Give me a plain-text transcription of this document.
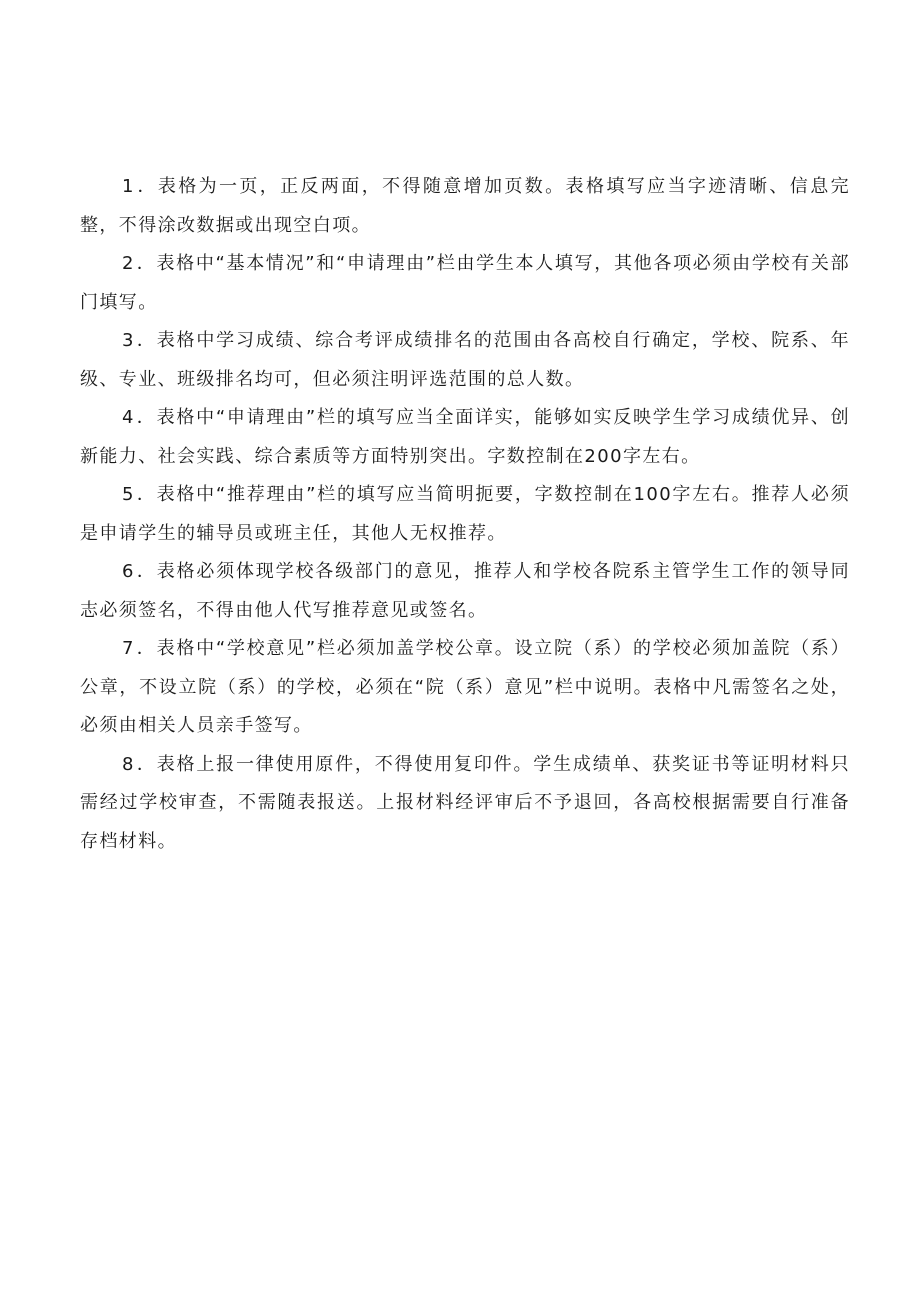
1．表格为一页，正反两面，不得随意增加页数。表格填写应当字迹清晰、信息完整，不得涂改数据或出现空白项。
2．表格中“基本情况”和“申请理由”栏由学生本人填写，其他各项必须由学校有关部门填写。
3．表格中学习成绩、综合考评成绩排名的范围由各高校自行确定，学校、院系、年级、专业、班级排名均可，但必须注明评选范围的总人数。
4．表格中“申请理由”栏的填写应当全面详实，能够如实反映学生学习成绩优异、创新能力、社会实践、综合素质等方面特别突出。字数控制在200字左右。
5．表格中“推荐理由”栏的填写应当简明扼要，字数控制在100字左右。推荐人必须是申请学生的辅导员或班主任，其他人无权推荐。
6．表格必须体现学校各级部门的意见，推荐人和学校各院系主管学生工作的领导同志必须签名，不得由他人代写推荐意见或签名。
7．表格中“学校意见”栏必须加盖学校公章。设立院（系）的学校必须加盖院（系）公章，不设立院（系）的学校，必须在“院（系）意见”栏中说明。表格中凡需签名之处，必须由相关人员亲手签写。
8．表格上报一律使用原件，不得使用复印件。学生成绩单、获奖证书等证明材料只需经过学校审查，不需随表报送。上报材料经评审后不予退回，各高校根据需要自行准备存档材料。
